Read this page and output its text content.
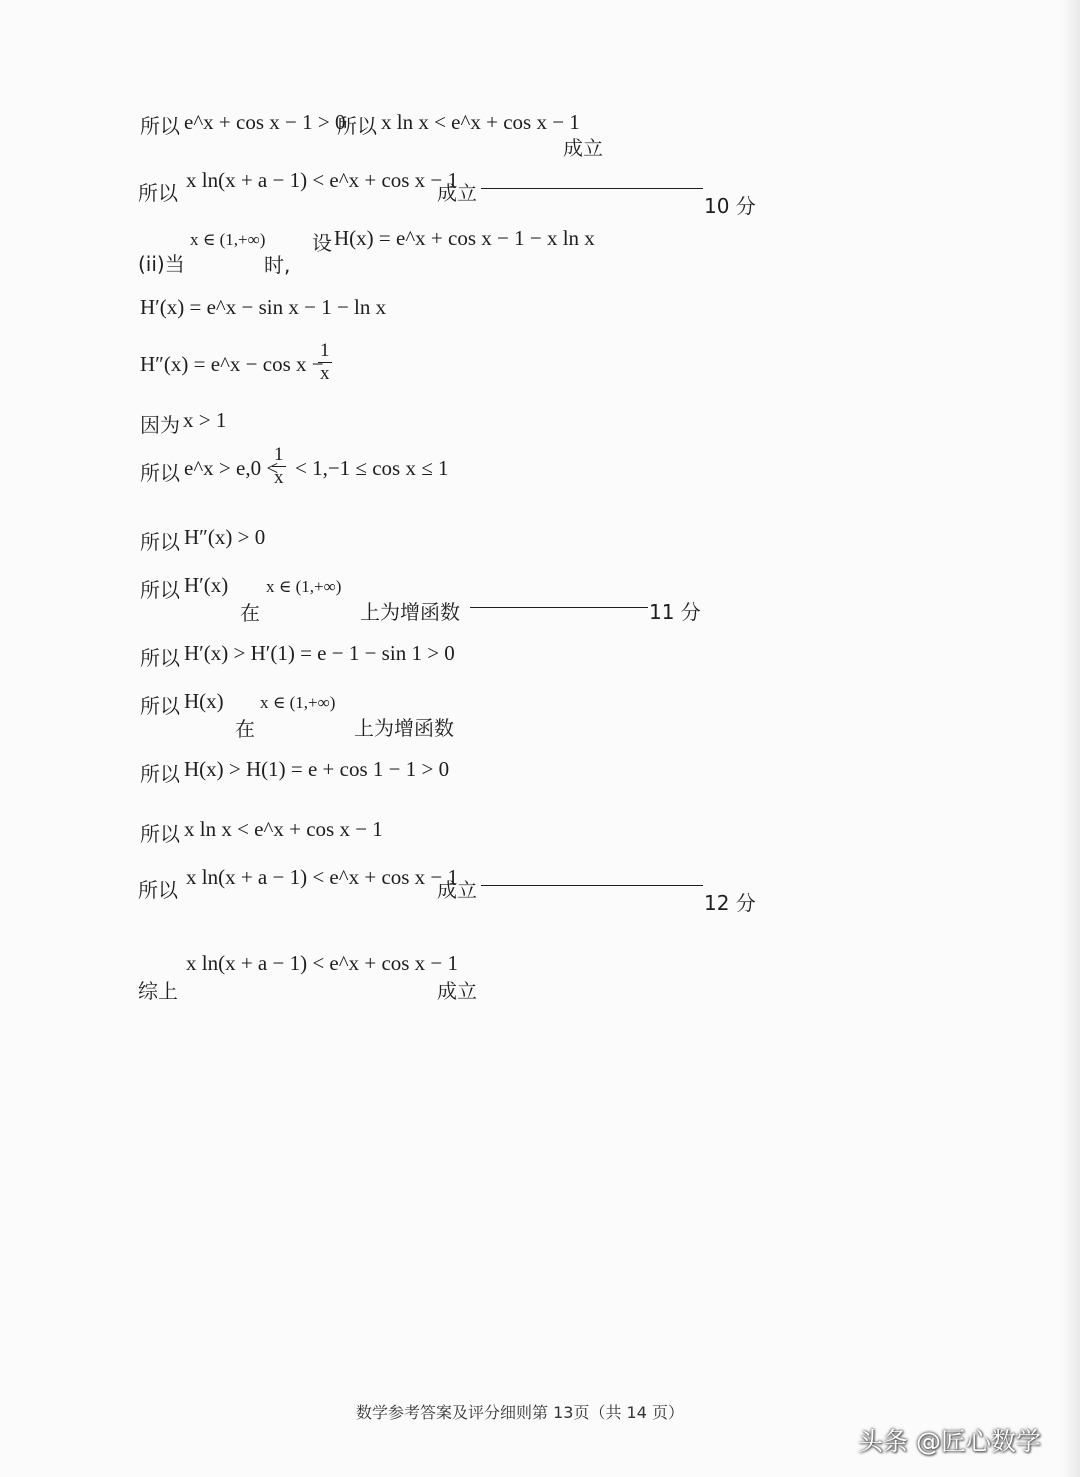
所以 e^x + cos x − 1 > 0
所以 x ln x < e^x + cos x − 1
成立
所以
x ln(x + a − 1) < e^x + cos x − 1
成立
10 分
(ii)当
x ∈ (1,+∞)
时,
设 H(x) = e^x + cos x − 1 − x ln x
H′(x) = e^x − sin x − 1 − ln x
H″(x) = e^x − cos x −
$\frac{1}{x}$
因为 x > 1
所以 e^x > e,0 <
$\frac{1}{x} < 1,-1 \le \cos x \le 1$
所以 H″(x) > 0
所以 H′(x)
在
x ∈ (1,+∞)
上为增函数	11 分
所以 H′(x) > H′(1) = e − 1 − sin 1 > 0
所以 H(x)
在
x ∈ (1,+∞)
上为增函数
所以 H(x) > H(1) = e + cos 1 − 1 > 0
所以 x ln x < e^x + cos x − 1
所以
x ln(x + a − 1) < e^x + cos x − 1
成立
12 分
综上
x ln(x + a − 1) < e^x + cos x − 1
成立
数学参考答案及评分细则第 13页（共 14 页）
头条 @匠心数学
